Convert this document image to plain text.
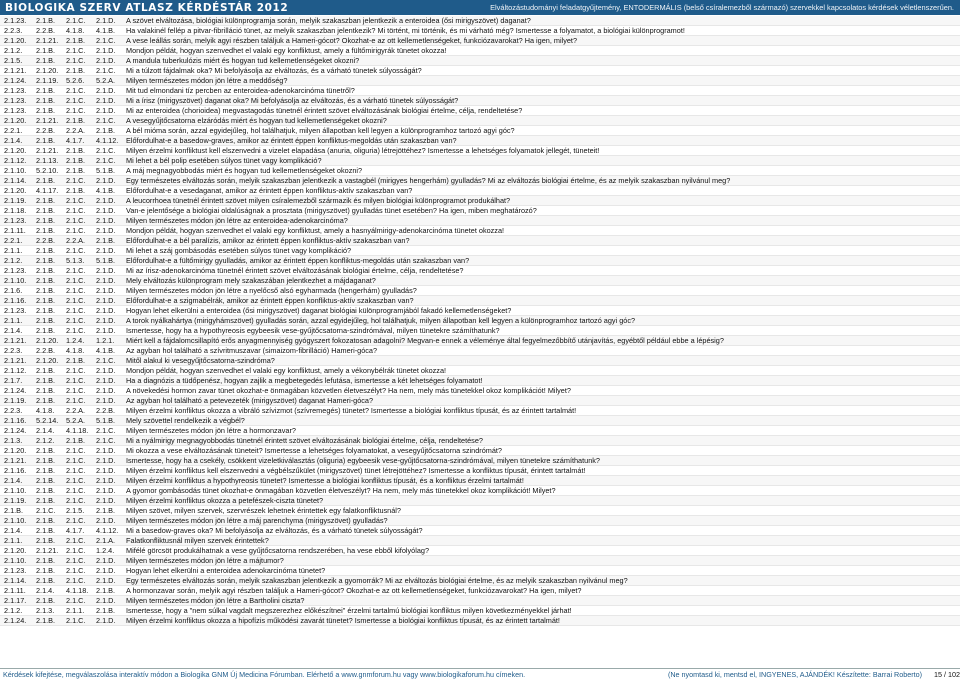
BIOLOGIKA SZERV ATLASZ KÉRDÉSTÁR 2012	Elváltozástudományi feladatgyűjtemény, ENTODERMÁLIS (belső csíralemezből származó) szervekkel kapcsolatos kérdések véletlenszerűen.
2.1.23.	2.1.B.	2.1.C.	2.1.D.	A szövet elváltozása, biológiai különprogramja során, melyik szakaszban jelentkezik a enteroidea (ősi mirigyszövet) daganat?
2.2.3.	2.2.B.	4.1.8.	4.1.B.	Ha valakinél fellép a pitvar-fibrilláció tünet, az melyik szakaszban jelentkezik? Mi történt, mi történik, és mi várható még? Ismertesse a folyamatot, a biológiai különprogramot!
2.1.20.	2.1.21.	2.1.B.	2.1.C.	A vese leállás során, melyik agyi részben találjuk a Hameri-gócot? Okozhat-e az ott kellemetlenségeket, funkciózavarokat? Ha igen, milyet?
2.1.2.	2.1.B.	2.1.C.	2.1.D.	Mondjon példát, hogyan szenvedhet el valaki egy konfliktust, amely a fültőmirigyrák tünetet okozza!
2.1.5.	2.1.B.	2.1.C.	2.1.D.	A mandula tuberkulózis miért és hogyan tud kellemetlenségeket okozni?
2.1.21.	2.1.20.	2.1.B.	2.1.C.	Mi a túlzott fájdalmak oka? Mi befolyásolja az elváltozás, és a várható tünetek súlyosságát?
2.1.24.	2.1.19.	5.2.6.	5.2.A.	Milyen természetes módon jön létre a meddőség?
2.1.23.	2.1.B.	2.1.C.	2.1.D.	Mit tud elmondani tíz percben az enteroidea-adenokarcinóma tünetről?
2.1.23.	2.1.B.	2.1.C.	2.1.D.	Mi a írisz (mirigyszövet) daganat oka? Mi befolyásolja az elváltozás, és a várható tünetek súlyosságát?
2.1.23.	2.1.B.	2.1.C.	2.1.D.	Mi az enteroidea (chorioidea) megvastagodás tünetnél érintett szövet elváltozásának biológiai értelme, célja, rendeltetése?
2.1.20.	2.1.21.	2.1.B.	2.1.C.	A vesegyűjtőcsatorna elzáródás miért és hogyan tud kellemetlenségeket okozni?
2.2.1.	2.2.B.	2.2.A.	2.1.B.	A bél mióma során, azzal egyidejűleg, hol találhatjuk, milyen állapotban kell legyen a különprogramhoz tartozó agyi góc?
2.1.4.	2.1.B.	4.1.7.	4.1.12.	Előfordulhat-e a basedow-graves, amikor az érintett éppen konfliktus-megoldás után szakaszban van?
2.1.20.	2.1.21.	2.1.B.	2.1.C.	Milyen érzelmi konfliktust kell elszenvedni a vizelet elapadása (anuria, oliguria) létrejöttéhez? Ismertesse a lehetséges folyamatok jellegét, tüneteit!
2.1.12.	2.1.13.	2.1.B.	2.1.C.	Mi lehet a bél polip esetében súlyos tünet vagy komplikáció?
2.1.10.	5.2.10.	2.1.B.	5.1.B.	A máj megnagyobbodás miért és hogyan tud kellemetlenségeket okozni?
2.1.14.	2.1.B.	2.1.C.	2.1.D.	Egy természetes elváltozás során, melyik szakaszban jelentkezik a vastagbél (mirigyes hengerhám) gyulladás? Mi az elváltozás biológiai értelme, és az melyik szakaszban nyilvánul meg?
2.1.20.	4.1.17.	2.1.B.	4.1.B.	Előfordulhat-e a vesedaganat, amikor az érintett éppen konfliktus-aktív szakaszban van?
2.1.19.	2.1.B.	2.1.C.	2.1.D.	A leucorrhoea tünetnél érintett szövet milyen csíralemezből származik és milyen biológiai különprogramot produkálhat?
2.1.18.	2.1.B.	2.1.C.	2.1.D.	Van-e jelentősége a biológiai oldalúságnak a prosztata (mirigyszövet) gyulladás tünet esetében? Ha igen, miben meghatározó?
2.1.23.	2.1.B.	2.1.C.	2.1.D.	Milyen természetes módon jön létre az enteroidea-adenokarcinóma?
2.1.11.	2.1.B.	2.1.C.	2.1.D.	Mondjon példát, hogyan szenvedhet el valaki egy konfliktust, amely a hasnyálmirigy-adenokarcinóma tünetet okozza!
2.2.1.	2.2.B.	2.2.A.	2.1.B.	Előfordulhat-e a bél paralízis, amikor az érintett éppen konfliktus-aktív szakaszban van?
2.1.1.	2.1.B.	2.1.C.	2.1.D.	Mi lehet a száj gombásodás esetében súlyos tünet vagy komplikáció?
2.1.2.	2.1.B.	5.1.3.	5.1.B.	Előfordulhat-e a fültőmirigy gyulladás, amikor az érintett éppen konfliktus-megoldás után szakaszban van?
2.1.23.	2.1.B.	2.1.C.	2.1.D.	Mi az írisz-adenokarcinóma tünetnél érintett szövet elváltozásának biológiai értelme, célja, rendeltetése?
2.1.10.	2.1.B.	2.1.C.	2.1.D.	Mely elváltozás különprogram mely szakaszában jelentkezhet a májdaganat?
2.1.6.	2.1.B.	2.1.C.	2.1.D.	Milyen természetes módon jön létre a nyelőcső alsó egyharmada (hengerhám) gyulladás?
2.1.16.	2.1.B.	2.1.C.	2.1.D.	Előfordulhat-e a szigmabélrák, amikor az érintett éppen konfliktus-aktív szakaszban van?
2.1.23.	2.1.B.	2.1.C.	2.1.D.	Hogyan lehet elkerülni a enteroidea (ősi mirigyszövet) daganat biológiai különprogramjából fakadó kellemetlenségeket?
2.1.1.	2.1.B.	2.1.C.	2.1.D.	A torok nyálkahártya (mirigyhámszövet) gyulladás során, azzal egyidejűleg, hol találhatjuk, milyen állapotban kell legyen a különprogramhoz tartozó agyi góc?
2.1.4.	2.1.B.	2.1.C.	2.1.D.	Ismertesse, hogy ha a hypothyreosis egybeesik vese-gyűjtőcsatorna-szindrómával, milyen tünetekre számíthatunk?
2.1.21.	2.1.20.	1.2.4.	1.2.1.	Miért kell a fájdalomcsillapító erős anyagmennyiség gyógyszert fokozatosan adagolni? Megvan-e ennek a véleménye által fegyelmezőbbítő utánjavítás, egyébtől például ebbe a lépésig?
2.2.3.	2.2.B.	4.1.8.	4.1.B.	Az agyban hol található a szívritmuszavar (simaizom-fibrilláció) Hameri-góca?
2.1.21.	2.1.20.	2.1.B.	2.1.C.	Mitől alakul ki vesegyűjtőcsatorna-szindróma?
2.1.12.	2.1.B.	2.1.C.	2.1.D.	Mondjon példát, hogyan szenvedhet el valaki egy konfliktust, amely a vékonybélrák tünetet okozza!
2.1.7.	2.1.B.	2.1.C.	2.1.D.	Ha a diagnózis a tüdőpenész, hogyan zajlik a megbetegedés lefutása, ismertesse a két lehetséges folyamatot!
2.1.24.	2.1.B.	2.1.C.	2.1.D.	A növekedési hormon zavar tünet okozhat-e önmagában közvetlen életveszélyt? Ha nem, mely más tünetekkel okoz komplikációt! Milyet?
2.1.19.	2.1.B.	2.1.C.	2.1.D.	Az agyban hol található a petevezeték (mirigyszövet) daganat Hameri-góca?
2.2.3.	4.1.8.	2.2.A.	2.2.B.	Milyen érzelmi konfliktus okozza a vibráló szívizmot (szívremegés) tünetet? Ismertesse a biológiai konfliktus típusát, és az érintett tartalmát!
2.1.16.	5.2.14.	5.2.A.	5.1.B.	Mely szövettel rendelkezik a végbél?
2.1.24.	2.1.4.	4.1.18.	2.1.C.	Milyen természetes módon jön létre a hormonzavar?
2.1.3.	2.1.2.	2.1.B.	2.1.C.	Mi a nyálmirigy megnagyobbodás tünetnél érintett szövet elváltozásának biológiai értelme, célja, rendeltetése?
2.1.20.	2.1.B.	2.1.C.	2.1.D.	Mi okozza a vese elváltozásának tüneteit? Ismertesse a lehetséges folyamatokat, a vesegyűjtőcsatorna szindrómát?
2.1.21.	2.1.B.	2.1.C.	2.1.D.	Ismertesse, hogy ha a csekély, csökkent vizeletkiválasztás (oliguria) egybeesik vese-gyűjtőcsatorna-szindrómával, milyen tünetekre számíthatunk?
2.1.16.	2.1.B.	2.1.C.	2.1.D.	Milyen érzelmi konfliktus kell elszenvedni a végbélszűkület (mirigyszövet) tünet létrejöttéhez? Ismertesse a konfliktus típusát, érintett tartalmát!
2.1.4.	2.1.B.	2.1.C.	2.1.D.	Milyen érzelmi konfliktus a hypothyreosis tünetet? Ismertesse a biológiai konfliktus típusát, és a konfliktus érzelmi tartalmát!
2.1.10.	2.1.B.	2.1.C.	2.1.D.	A gyomor gombásodás tünet okozhat-e önmagában közvetlen életveszélyt? Ha nem, mely más tünetekkel okoz komplikációt! Milyet?
2.1.19.	2.1.B.	2.1.C.	2.1.D.	Milyen érzelmi konfliktus okozza a petefészek-ciszta tünetet?
2.1.B.	2.1.C.	2.1.5.	2.1.B.	Milyen szövet, milyen szervek, szervrészek lehetnek érintettek egy falatkonfliktusnál?
2.1.10.	2.1.B.	2.1.C.	2.1.D.	Milyen természetes módon jön létre a máj parenchyma (mirigyszövet) gyulladás?
2.1.4.	2.1.B.	4.1.7.	4.1.12.	Mi a basedow-graves oka? Mi befolyásolja az elváltozás, és a várható tünetek súlyosságát?
2.1.1.	2.1.B.	2.1.C.	2.1.A.	Falatkonfliktusnál milyen szervek érintettek?
2.1.20.	2.1.21.	2.1.C.	1.2.4.	Mifélé görcsöt produkálhatnak a vese gyűjtőcsatorna rendszerében, ha vese ebből kifolyólag?
2.1.10.	2.1.B.	2.1.C.	2.1.D.	Milyen természetes módon jön létre a májtumor?
2.1.23.	2.1.B.	2.1.C.	2.1.D.	Hogyan lehet elkerülni a enteroidea adenokarcinóma tünetet?
2.1.14.	2.1.B.	2.1.C.	2.1.D.	Egy természetes elváltozás során, melyik szakaszban jelentkezik a gyomorrák? Mi az elváltozás biológiai értelme, és az melyik szakaszban nyilvánul meg?
2.1.11.	2.1.4.	4.1.18.	2.1.B.	A hormonzavar során, melyik agyi részben találjuk a Hameri-gócot? Okozhat-e az ott kellemetlenségeket, funkciózavarokat? Ha igen, milyet?
2.1.17.	2.1.B.	2.1.C.	2.1.D.	Milyen természetes módon jön létre a Bartholini ciszta?
2.1.2.	2.1.3.	2.1.1.	2.1.B.	Ismertesse, hogy a "nem súlkal vagdalt megszerezhez előkészítnei" érzelmi tartalmú biológiai konfliktus milyen következményekkel járhat!
2.1.24.	2.1.B.	2.1.C.	2.1.D.	Milyen érzelmi konfliktus okozza a hipofízis működési zavarát tünetet? Ismertesse a biológiai konfliktus típusát, és az érintett tartalmát!
Kérdések kifejtése, megválaszolása interaktív módon a Biologika GNM Új Medicina Fórumban. Elérhető a www.gnmforum.hu vagy www.biologikaforum.hu címeken.	(Ne nyomtasd ki, mentsd el, INGYENES, AJÁNDÉK! Készítette: Barrai Roberto)	15 / 102
